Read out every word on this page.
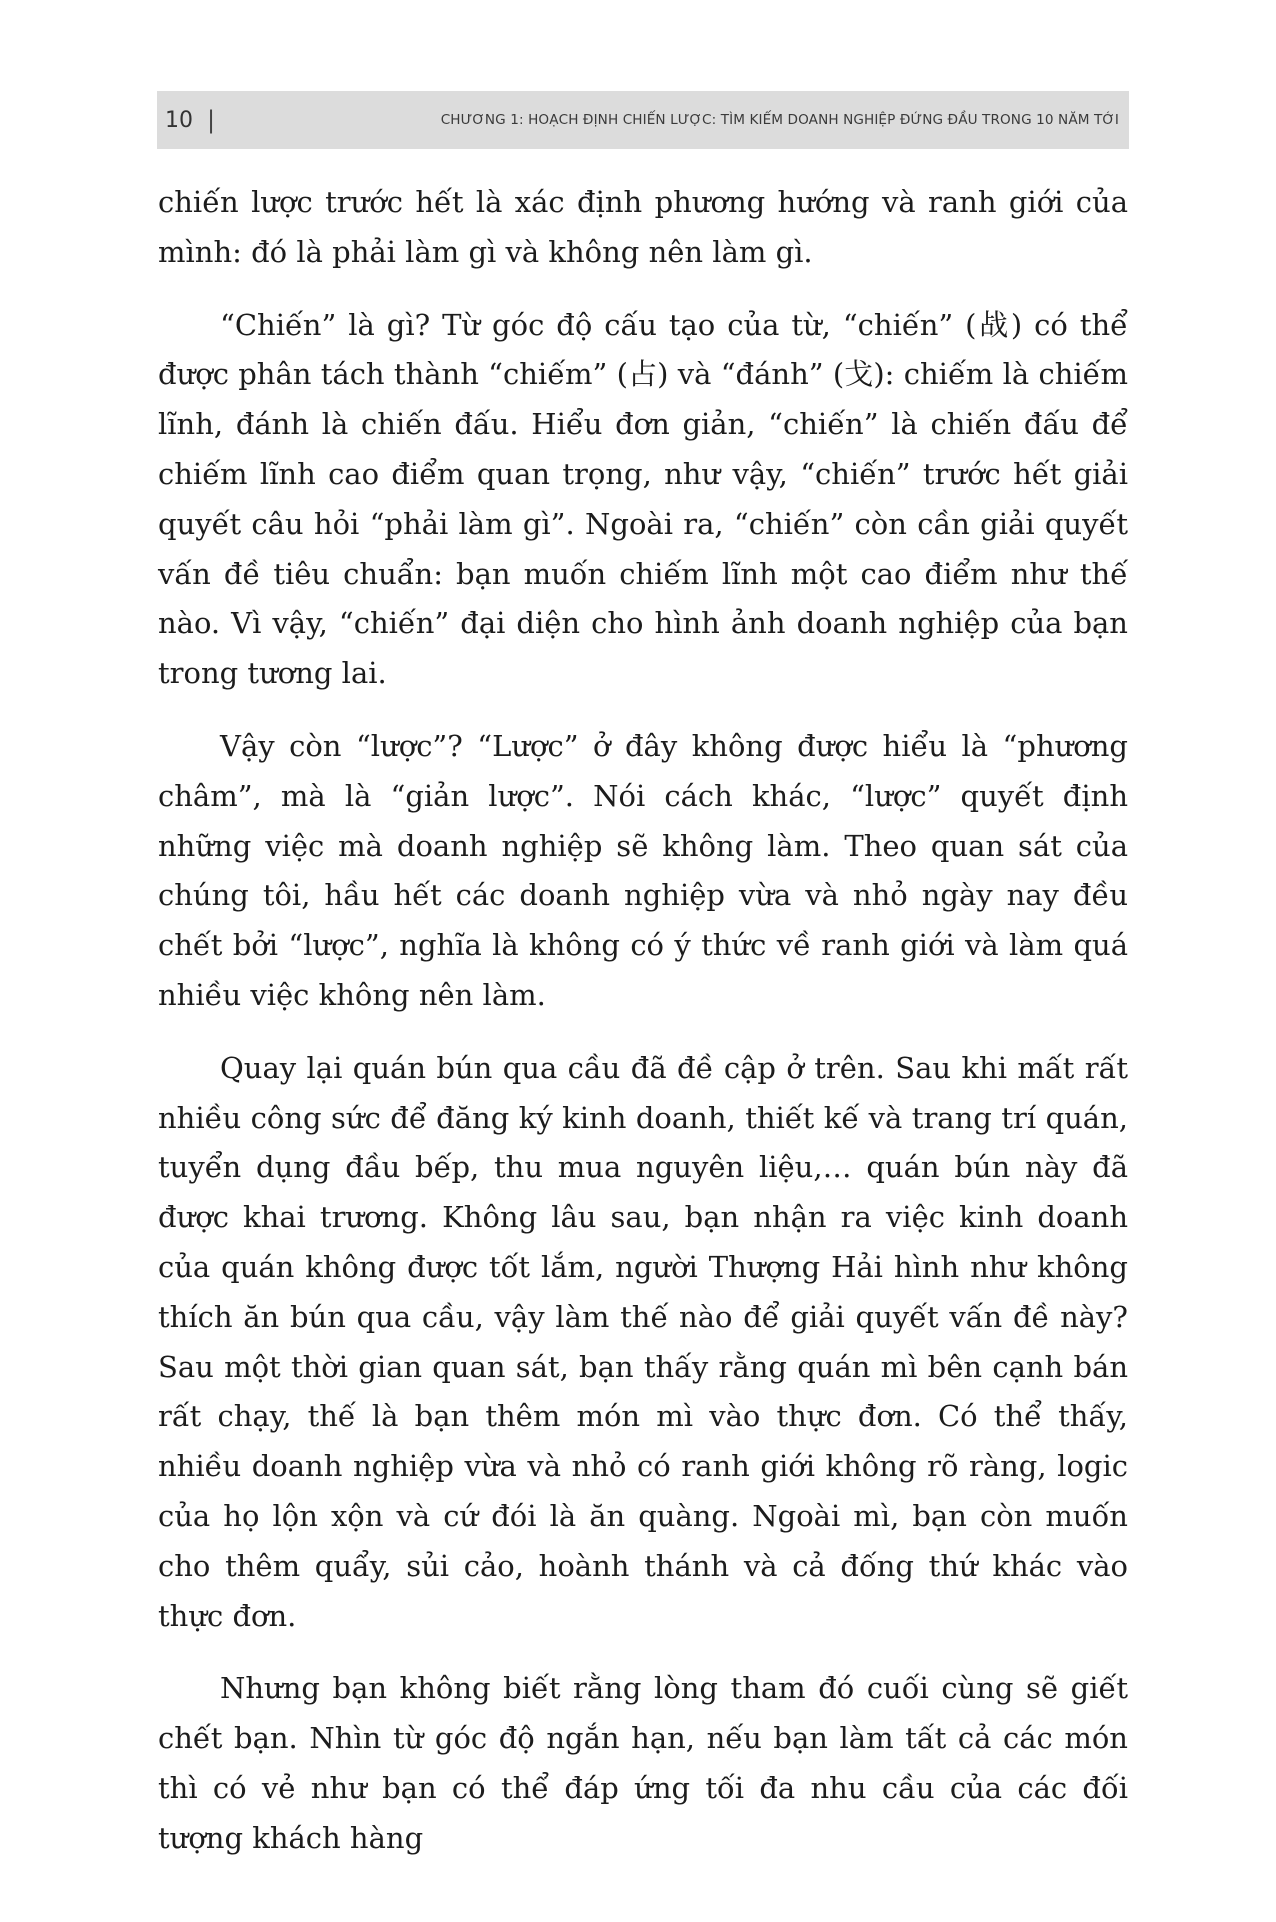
10 |	CHƯƠNG 1: HOẠCH ĐỊNH CHIẾN LƯỢC: TÌM KIẾM DOANH NGHIỆP ĐỨNG ĐẦU TRONG 10 NĂM TỚI

chiến lược trước hết là xác định phương hướng và ranh giới của mình: đó là phải làm gì và không nên làm gì.

“Chiến” là gì? Từ góc độ cấu tạo của từ, “chiến” (战) có thể được phân tách thành “chiếm” (占) và “đánh” (戈): chiếm là chiếm lĩnh, đánh là chiến đấu. Hiểu đơn giản, “chiến” là chiến đấu để chiếm lĩnh cao điểm quan trọng, như vậy, “chiến” trước hết giải quyết câu hỏi “phải làm gì”. Ngoài ra, “chiến” còn cần giải quyết vấn đề tiêu chuẩn: bạn muốn chiếm lĩnh một cao điểm như thế nào. Vì vậy, “chiến” đại diện cho hình ảnh doanh nghiệp của bạn trong tương lai.

Vậy còn “lược”? “Lược” ở đây không được hiểu là “phương châm”, mà là “giản lược”. Nói cách khác, “lược” quyết định những việc mà doanh nghiệp sẽ không làm. Theo quan sát của chúng tôi, hầu hết các doanh nghiệp vừa và nhỏ ngày nay đều chết bởi “lược”, nghĩa là không có ý thức về ranh giới và làm quá nhiều việc không nên làm.

Quay lại quán bún qua cầu đã đề cập ở trên. Sau khi mất rất nhiều công sức để đăng ký kinh doanh, thiết kế và trang trí quán, tuyển dụng đầu bếp, thu mua nguyên liệu,… quán bún này đã được khai trương. Không lâu sau, bạn nhận ra việc kinh doanh của quán không được tốt lắm, người Thượng Hải hình như không thích ăn bún qua cầu, vậy làm thế nào để giải quyết vấn đề này? Sau một thời gian quan sát, bạn thấy rằng quán mì bên cạnh bán rất chạy, thế là bạn thêm món mì vào thực đơn. Có thể thấy, nhiều doanh nghiệp vừa và nhỏ có ranh giới không rõ ràng, logic của họ lộn xộn và cứ đói là ăn quàng. Ngoài mì, bạn còn muốn cho thêm quẩy, sủi cảo, hoành thánh và cả đống thứ khác vào thực đơn.

Nhưng bạn không biết rằng lòng tham đó cuối cùng sẽ giết chết bạn. Nhìn từ góc độ ngắn hạn, nếu bạn làm tất cả các món thì có vẻ như bạn có thể đáp ứng tối đa nhu cầu của các đối tượng khách hàng
